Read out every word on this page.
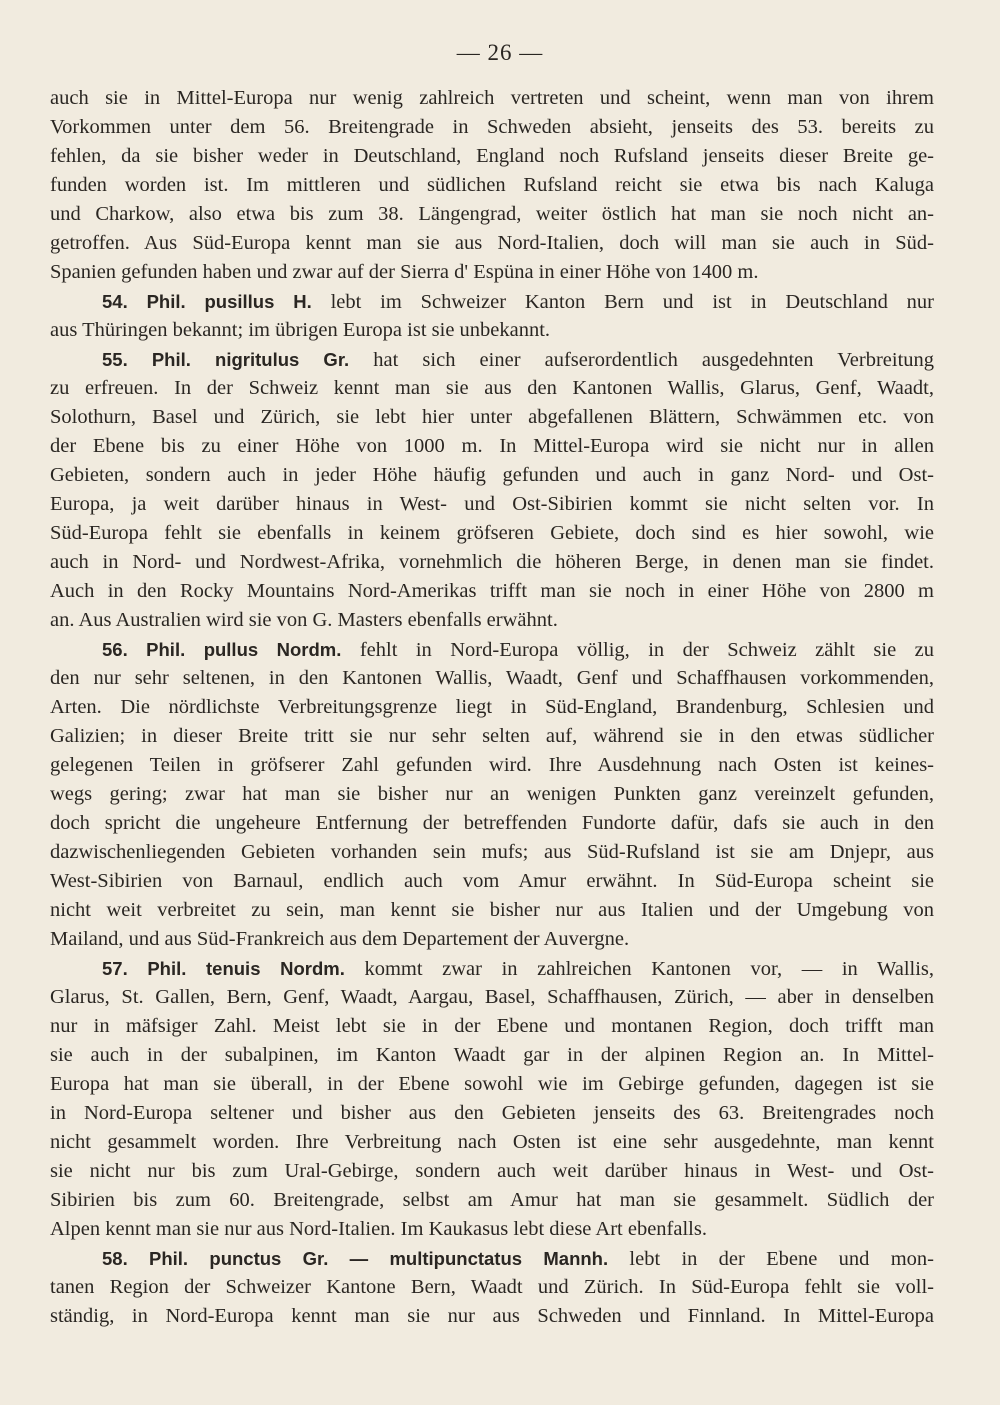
— 26 —
auch sie in Mittel-Europa nur wenig zahlreich vertreten und scheint, wenn man von ihrem
Vorkommen unter dem 56. Breitengrade in Schweden absieht, jenseits des 53. bereits zu
fehlen, da sie bisher weder in Deutschland, England noch Rufsland jenseits dieser Breite ge-
funden worden ist. Im mittleren und südlichen Rufsland reicht sie etwa bis nach Kaluga
und Charkow, also etwa bis zum 38. Längengrad, weiter östlich hat man sie noch nicht an-
getroffen. Aus Süd-Europa kennt man sie aus Nord-Italien, doch will man sie auch in Süd-
Spanien gefunden haben und zwar auf der Sierra d' Espüna in einer Höhe von 1400 m.
54. Phil. pusillus H. lebt im Schweizer Kanton Bern und ist in Deutschland nur
aus Thüringen bekannt; im übrigen Europa ist sie unbekannt.
55. Phil. nigritulus Gr. hat sich einer aufserordentlich ausgedehnten Verbreitung
zu erfreuen. In der Schweiz kennt man sie aus den Kantonen Wallis, Glarus, Genf, Waadt,
Solothurn, Basel und Zürich, sie lebt hier unter abgefallenen Blättern, Schwämmen etc. von
der Ebene bis zu einer Höhe von 1000 m. In Mittel-Europa wird sie nicht nur in allen
Gebieten, sondern auch in jeder Höhe häufig gefunden und auch in ganz Nord- und Ost-
Europa, ja weit darüber hinaus in West- und Ost-Sibirien kommt sie nicht selten vor. In
Süd-Europa fehlt sie ebenfalls in keinem gröfseren Gebiete, doch sind es hier sowohl, wie
auch in Nord- und Nordwest-Afrika, vornehmlich die höheren Berge, in denen man sie findet.
Auch in den Rocky Mountains Nord-Amerikas trifft man sie noch in einer Höhe von 2800 m
an. Aus Australien wird sie von G. Masters ebenfalls erwähnt.
56. Phil. pullus Nordm. fehlt in Nord-Europa völlig, in der Schweiz zählt sie zu
den nur sehr seltenen, in den Kantonen Wallis, Waadt, Genf und Schaffhausen vorkommenden,
Arten. Die nördlichste Verbreitungsgrenze liegt in Süd-England, Brandenburg, Schlesien und
Galizien; in dieser Breite tritt sie nur sehr selten auf, während sie in den etwas südlicher
gelegenen Teilen in gröfserer Zahl gefunden wird. Ihre Ausdehnung nach Osten ist keines-
wegs gering; zwar hat man sie bisher nur an wenigen Punkten ganz vereinzelt gefunden,
doch spricht die ungeheure Entfernung der betreffenden Fundorte dafür, dafs sie auch in den
dazwischenliegenden Gebieten vorhanden sein mufs; aus Süd-Rufsland ist sie am Dnjepr, aus
West-Sibirien von Barnaul, endlich auch vom Amur erwähnt. In Süd-Europa scheint sie
nicht weit verbreitet zu sein, man kennt sie bisher nur aus Italien und der Umgebung von
Mailand, und aus Süd-Frankreich aus dem Departement der Auvergne.
57. Phil. tenuis Nordm. kommt zwar in zahlreichen Kantonen vor, — in Wallis,
Glarus, St. Gallen, Bern, Genf, Waadt, Aargau, Basel, Schaffhausen, Zürich, — aber in denselben
nur in mäfsiger Zahl. Meist lebt sie in der Ebene und montanen Region, doch trifft man
sie auch in der subalpinen, im Kanton Waadt gar in der alpinen Region an. In Mittel-
Europa hat man sie überall, in der Ebene sowohl wie im Gebirge gefunden, dagegen ist sie
in Nord-Europa seltener und bisher aus den Gebieten jenseits des 63. Breitengrades noch
nicht gesammelt worden. Ihre Verbreitung nach Osten ist eine sehr ausgedehnte, man kennt
sie nicht nur bis zum Ural-Gebirge, sondern auch weit darüber hinaus in West- und Ost-
Sibirien bis zum 60. Breitengrade, selbst am Amur hat man sie gesammelt. Südlich der
Alpen kennt man sie nur aus Nord-Italien. Im Kaukasus lebt diese Art ebenfalls.
58. Phil. punctus Gr. — multipunctatus Mannh. lebt in der Ebene und mon-
tanen Region der Schweizer Kantone Bern, Waadt und Zürich. In Süd-Europa fehlt sie voll-
ständig, in Nord-Europa kennt man sie nur aus Schweden und Finnland. In Mittel-Europa
